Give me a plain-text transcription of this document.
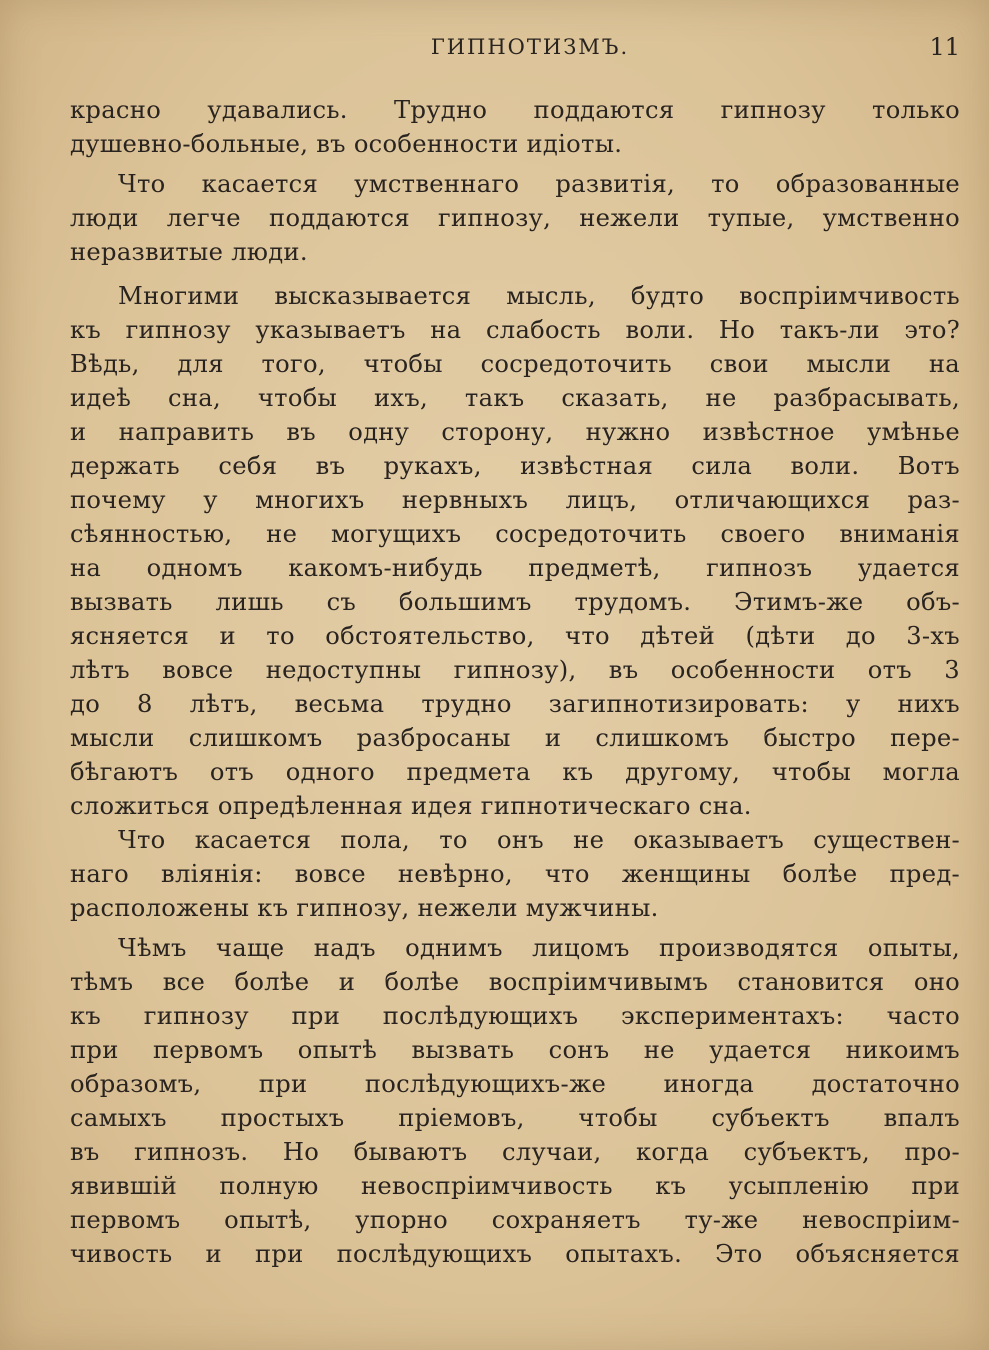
ГИПНОТИЗМЪ.	11
красно удавались. Трудно поддаются гипнозу только
душевно-больные, въ особенности идiоты.
Что касается умственнаго развитiя, то образованные
люди легче поддаются гипнозу, нежели тупые, умственно
неразвитые люди.
Многими высказывается мысль, будто воспрiимчивость
къ гипнозу указываетъ на слабость воли. Но такъ-ли это?
Вѣдь, для того, чтобы сосредоточить свои мысли на
идеѣ сна, чтобы ихъ, такъ сказать, не разбрасывать,
и направить въ одну сторону, нужно извѣстное умѣнье
держать себя въ рукахъ, извѣстная сила воли. Вотъ
почему у многихъ нервныхъ лицъ, отличающихся раз-
сѣянностью, не могущихъ сосредоточить своего вниманiя
на одномъ какомъ-нибудь предметѣ, гипнозъ удается
вызвать лишь съ большимъ трудомъ. Этимъ-же объ-
ясняется и то обстоятельство, что дѣтей (дѣти до 3-хъ
лѣтъ вовсе недоступны гипнозу), въ особенности отъ 3
до 8 лѣтъ, весьма трудно загипнотизировать: у нихъ
мысли слишкомъ разбросаны и слишкомъ быстро пере-
бѣгаютъ отъ одного предмета къ другому, чтобы могла
сложиться опредѣленная идея гипнотическаго сна.
Что касается пола, то онъ не оказываетъ существен-
наго влiянiя: вовсе невѣрно, что женщины болѣе пред-
расположены къ гипнозу, нежели мужчины.
Чѣмъ чаще надъ однимъ лицомъ производятся опыты,
тѣмъ все болѣе и болѣе воспрiимчивымъ становится оно
къ гипнозу при послѣдующихъ экспериментахъ: часто
при первомъ опытѣ вызвать сонъ не удается никоимъ
образомъ, при послѣдующихъ-же иногда достаточно
самыхъ простыхъ прiемовъ, чтобы субъектъ впалъ
въ гипнозъ. Но бываютъ случаи, когда субъектъ, про-
явившiй полную невоспрiимчивость къ усыпленiю при
первомъ опытѣ, упорно сохраняетъ ту-же невоспрiим-
чивость и при послѣдующихъ опытахъ. Это объясняется
